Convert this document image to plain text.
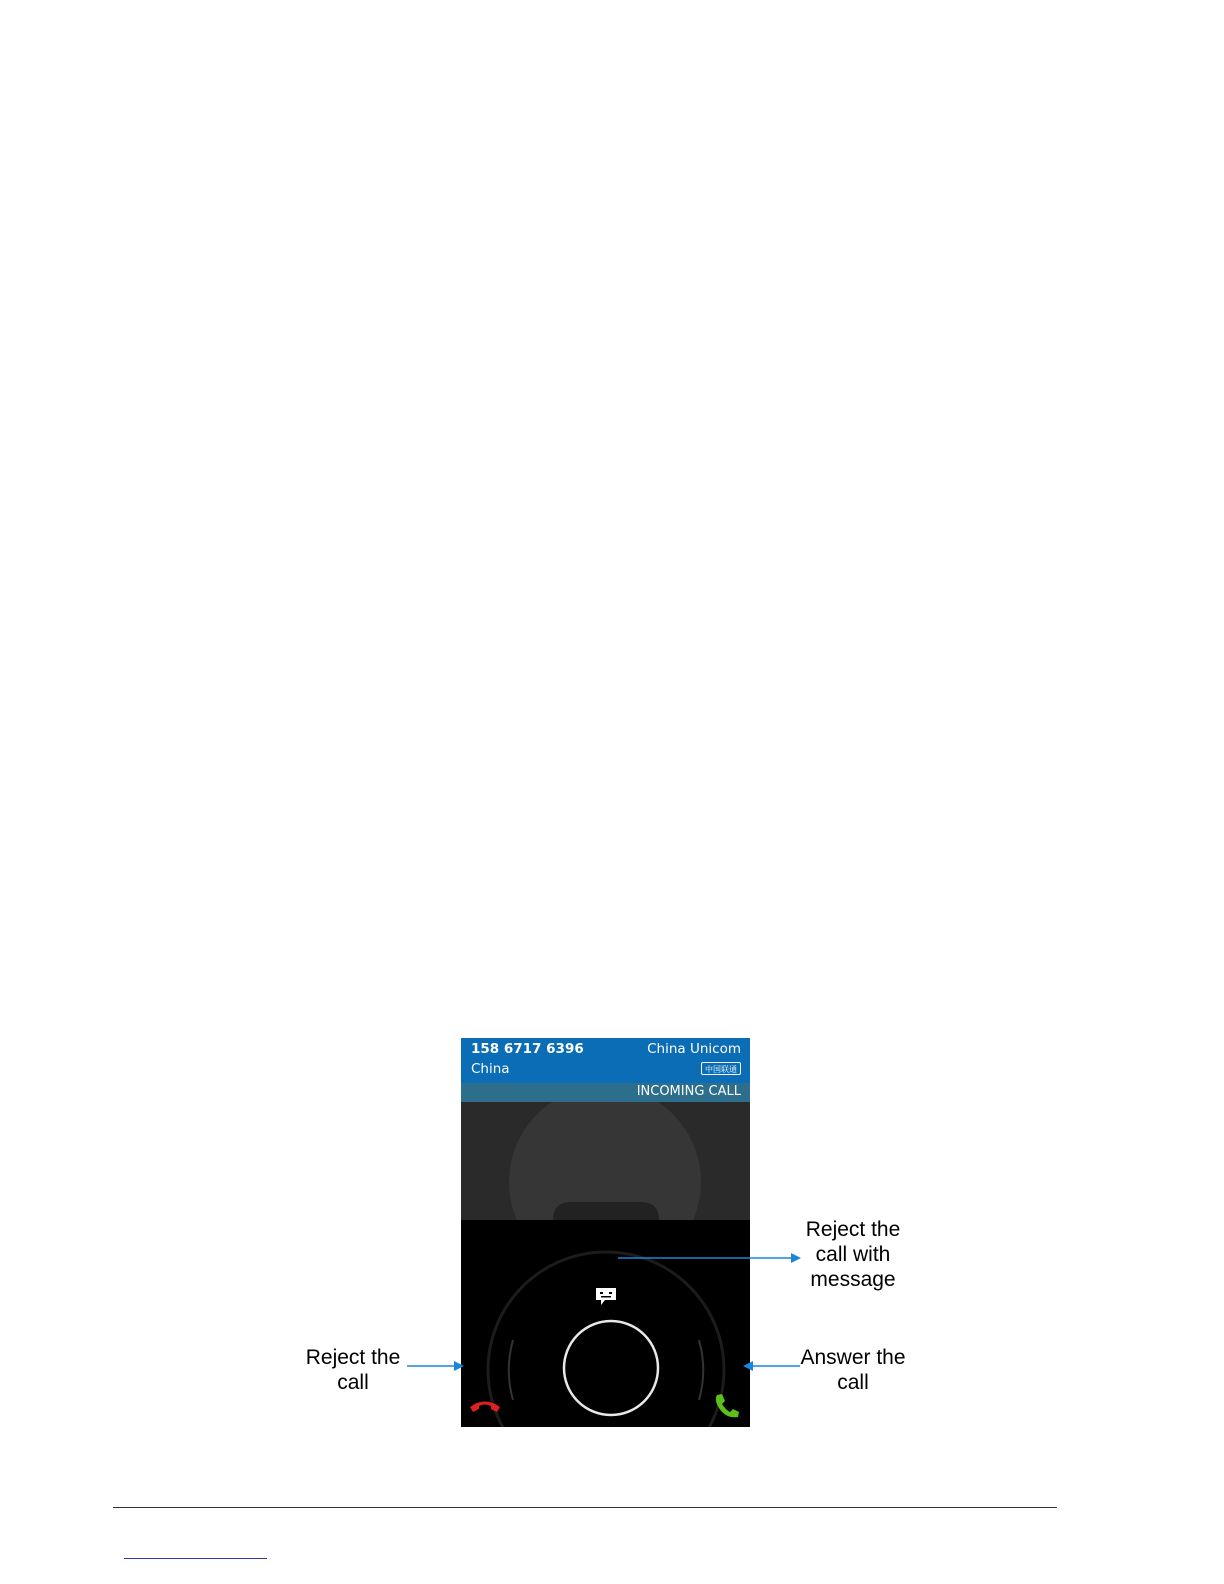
158 6717 6396
China
China Unicom
中国联通
INCOMING CALL
Reject the
call with
message
Reject the
call
Answer the
call
